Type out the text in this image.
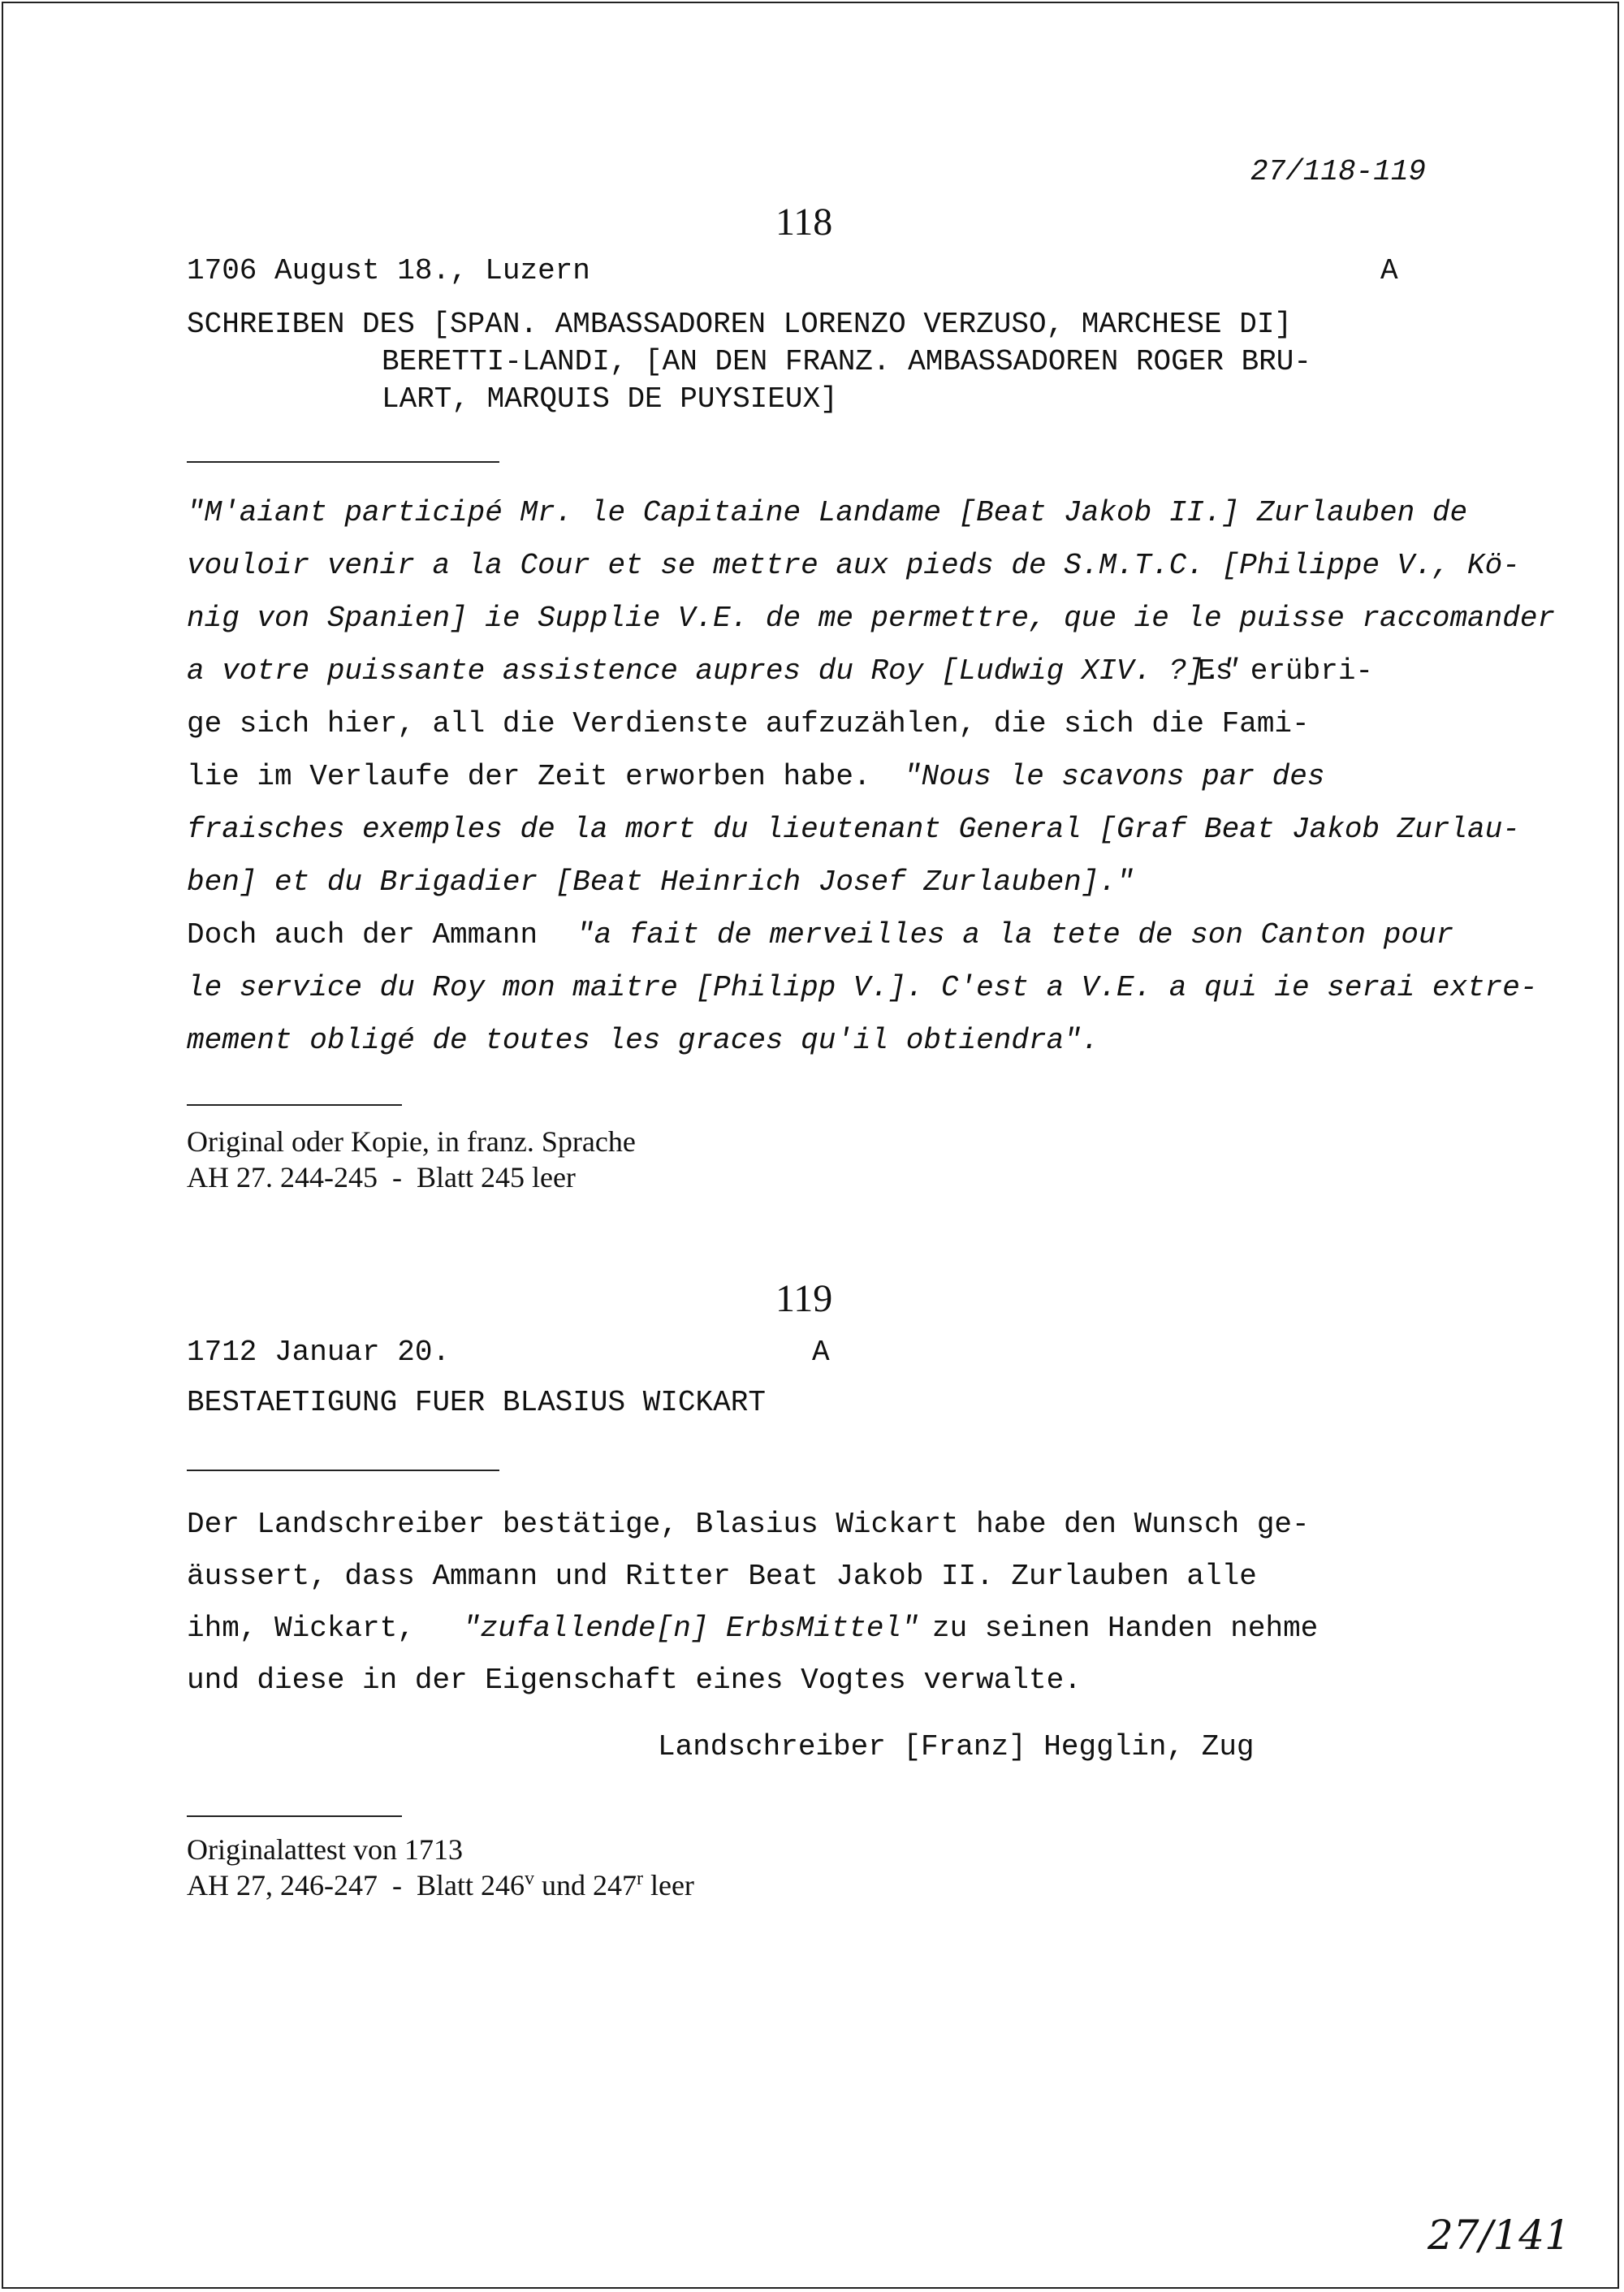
27/118-119
118
1706 August 18., Luzern	A
SCHREIBEN DES [SPAN. AMBASSADOREN LORENZO VERZUSO, MARCHESE DI]
BERETTI-LANDI, [AN DEN FRANZ. AMBASSADOREN ROGER BRU-
LART, MARQUIS DE PUYSIEUX]
"M'aiant participé Mr. le Capitaine Landame [Beat Jakob II.] Zurlauben de
vouloir venir a la Cour et se mettre aux pieds de S.M.T.C. [Philippe V., Kö-
nig von Spanien] ie Supplie V.E. de me permettre, que ie le puisse raccomander
a votre puissante assistence aupres du Roy [Ludwig XIV. ?]."
Es erübri-
ge sich hier, all die Verdienste aufzuzählen, die sich die Fami-
lie im Verlaufe der Zeit erworben habe. "Nous le scavons par des
fraisches exemples de la mort du lieutenant General [Graf Beat Jakob Zurlau-
ben] et du Brigadier [Beat Heinrich Josef Zurlauben]."
Doch auch der Ammann "a fait de merveilles a la tete de son Canton pour
le service du Roy mon maitre [Philipp V.]. C'est a V.E. a qui ie serai extre-
mement obligé de toutes les graces qu'il obtiendra".
Original oder Kopie, in franz. Sprache
AH 27. 244-245  -  Blatt 245 leer
119
1712 Januar 20.	A
BESTAETIGUNG FUER BLASIUS WICKART
Der Landschreiber bestätige, Blasius Wickart habe den Wunsch ge-
äussert, dass Ammann und Ritter Beat Jakob II. Zurlauben alle
ihm, Wickart, "zufallende[n] ErbsMittel" zu seinen Handen nehme
und diese in der Eigenschaft eines Vogtes verwalte.
Landschreiber [Franz] Hegglin, Zug
Originalattest von 1713
AH 27, 246-247  -  Blatt 246$^v$ und 247$^r$ leer
27/141
